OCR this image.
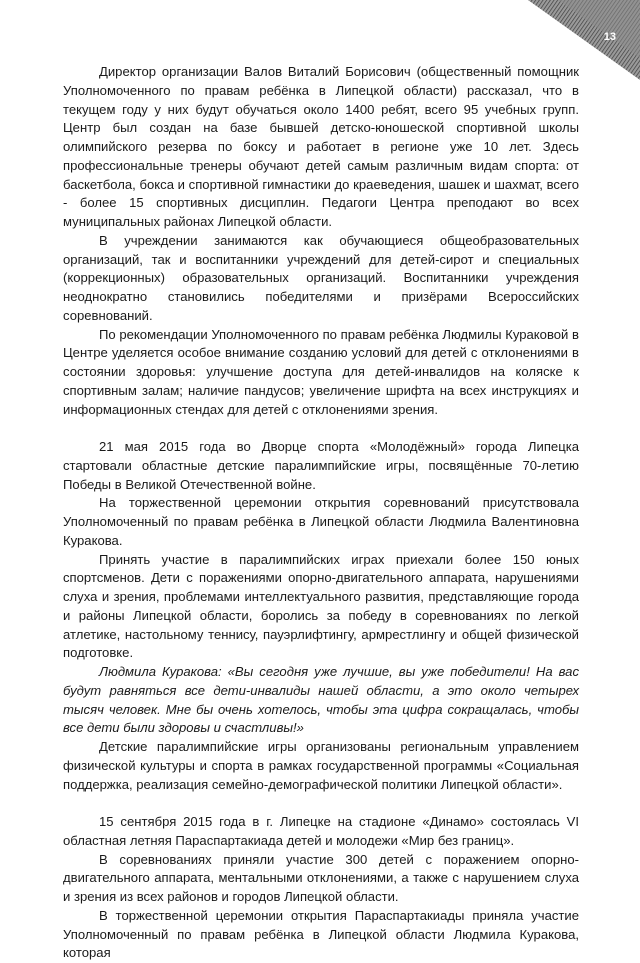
13

Директор организации Валов Виталий Борисович (общественный помощник Уполномоченного по правам ребёнка в Липецкой области) рассказал, что в текущем году у них будут обучаться около 1400 ребят, всего 95 учебных групп. Центр был создан на базе бывшей детско-юношеской спортивной школы олимпийского резерва по боксу и работает в регионе уже 10 лет. Здесь профессиональные тренеры обучают детей самым различным видам спорта: от баскетбола, бокса и спортивной гимнастики до краеведения, шашек и шахмат, всего - более 15 спортивных дисциплин. Педагоги Центра преподают во всех муниципальных районах Липецкой области.

В учреждении занимаются как обучающиеся общеобразовательных организаций, так и воспитанники учреждений для детей-сирот и специальных (коррекционных) образовательных организаций. Воспитанники учреждения неоднократно становились победителями и призёрами Всероссийских соревнований.

По рекомендации Уполномоченного по правам ребёнка Людмилы Кураковой в Центре уделяется особое внимание созданию условий для детей с отклонениями в состоянии здоровья: улучшение доступа для детей-инвалидов на коляске к спортивным залам; наличие пандусов; увеличение шрифта на всех инструкциях и информационных стендах для детей с отклонениями зрения.

21 мая 2015 года во Дворце спорта «Молодёжный» города Липецка стартовали областные детские паралимпийские игры, посвящённые 70-летию Победы в Великой Отечественной войне.

На торжественной церемонии открытия соревнований присутствовала Уполномоченный по правам ребёнка в Липецкой области Людмила Валентиновна Куракова.

Принять участие в паралимпийских играх приехали более 150 юных спортсменов. Дети с поражениями опорно-двигательного аппарата, нарушениями слуха и зрения, проблемами интеллектуального развития, представляющие города и районы Липецкой области, боролись за победу в соревнованиях по легкой атлетике, настольному теннису, пауэрлифтингу, армрестлингу и общей физической подготовке.

Людмила Куракова: «Вы сегодня уже лучшие, вы уже победители! На вас будут равняться все дети-инвалиды нашей области, а это около четырех тысяч человек. Мне бы очень хотелось, чтобы эта цифра сокращалась, чтобы все дети были здоровы и счастливы!»

Детские паралимпийские игры организованы региональным управлением физической культуры и спорта в рамках государственной программы «Социальная поддержка, реализация семейно-демографической политики Липецкой области».

15 сентября 2015 года в г. Липецке на стадионе «Динамо» состоялась VI областная летняя Параспартакиада детей и молодежи «Мир без границ».

В соревнованиях приняли участие 300 детей с поражением опорно-двигательного аппарата, ментальными отклонениями, а также с нарушением слуха и зрения из всех районов и городов Липецкой области.

В торжественной церемонии открытия Параспартакиады приняла участие Уполномоченный по правам ребёнка в Липецкой области Людмила Куракова, которая
